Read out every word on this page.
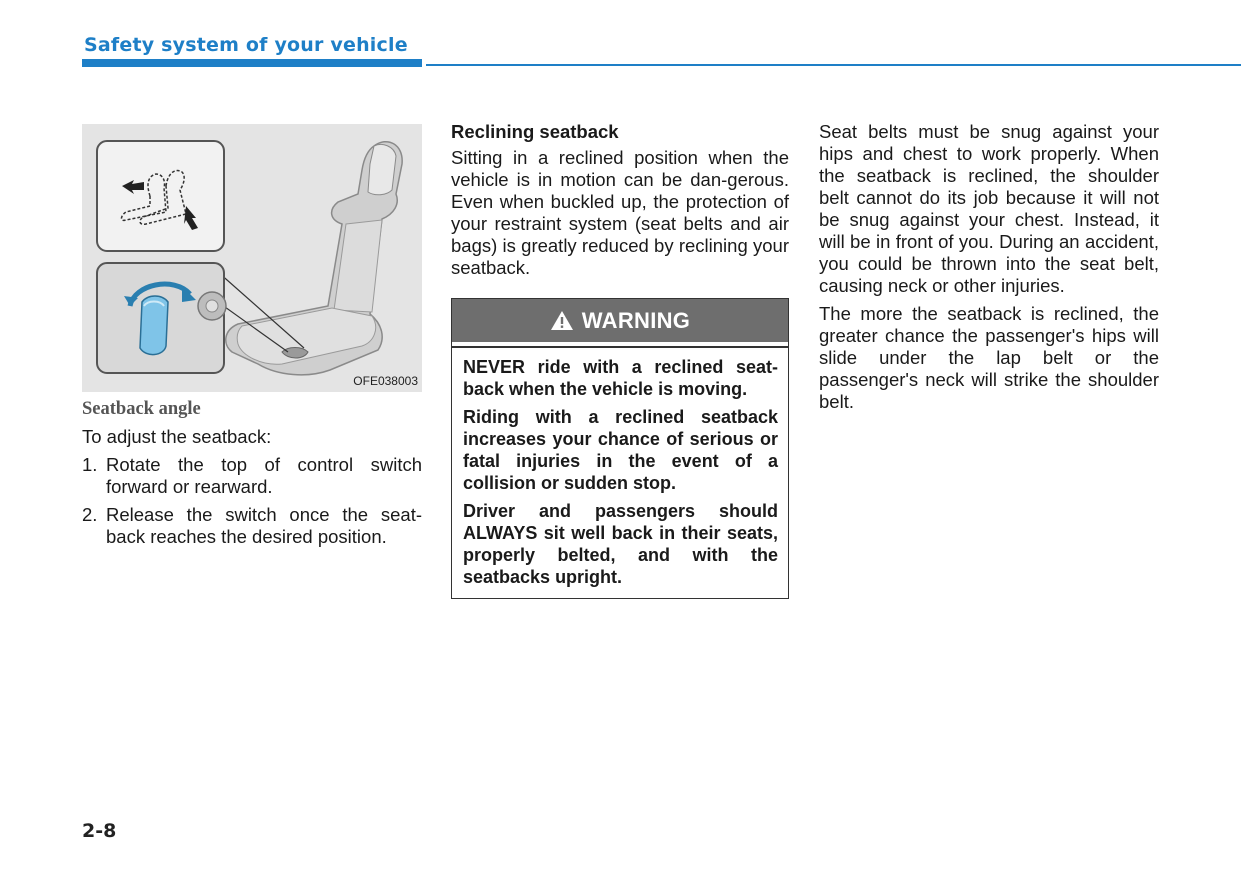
Safety system of your vehicle
OFE038003
Seatback angle

To adjust the seatback:

1. Rotate the top of control switch forward or rearward.
2. Release the switch once the seat-back reaches the desired position.
Reclining seatback

Sitting in a reclined position when the vehicle is in motion can be dan-gerous. Even when buckled up, the protection of your restraint system (seat belts and air bags) is greatly reduced by reclining your seatback.

WARNING

NEVER ride with a reclined seat-back when the vehicle is moving.

Riding with a reclined seatback increases your chance of serious or fatal injuries in the event of a collision or sudden stop.

Driver and passengers should ALWAYS sit well back in their seats, properly belted, and with the seatbacks upright.

Seat belts must be snug against your hips and chest to work properly. When the seatback is reclined, the shoulder belt cannot do its job because it will not be snug against your chest. Instead, it will be in front of you. During an accident, you could be thrown into the seat belt, causing neck or other injuries.

The more the seatback is reclined, the greater chance the passenger's hips will slide under the lap belt or the passenger's neck will strike the shoulder belt.

2-8
